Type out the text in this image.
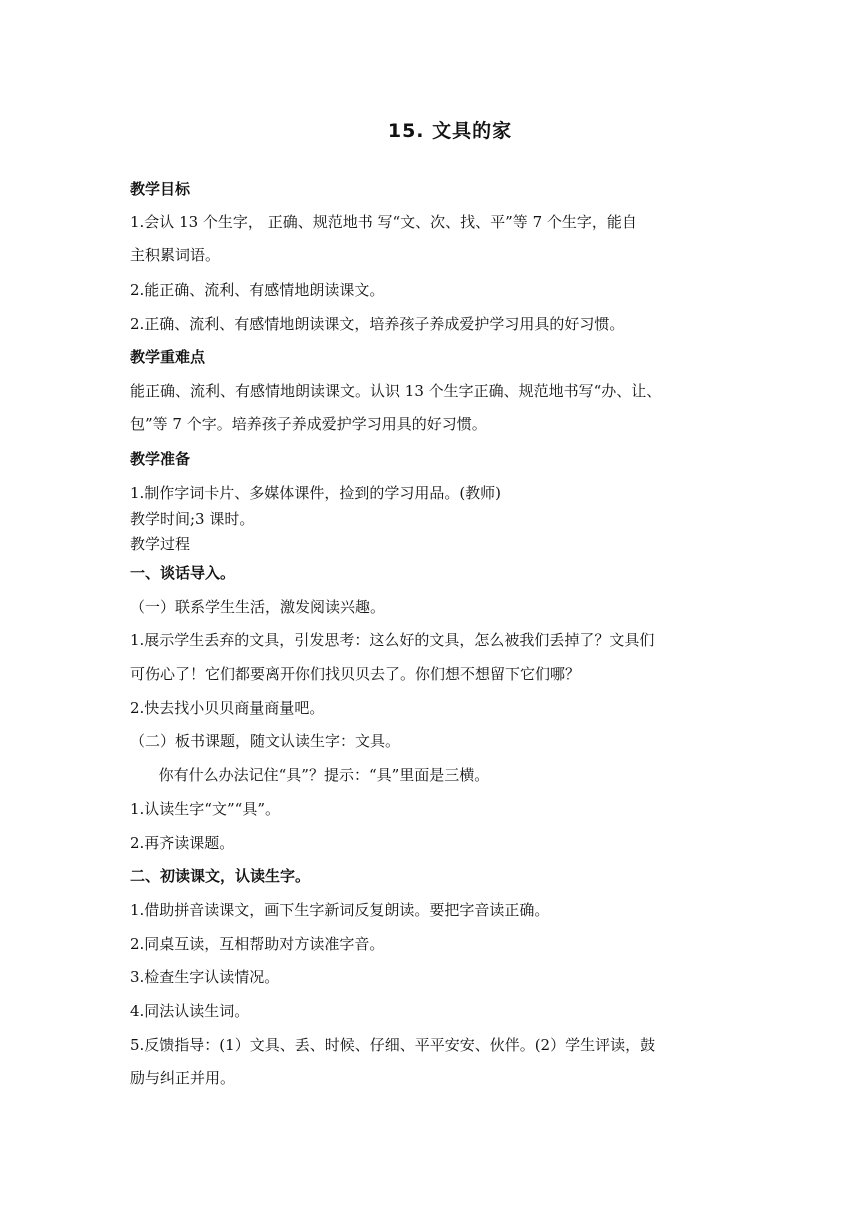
15. 文具的家
教学目标
1.会认 13 个生字， 正确、规范地书 写“文、次、找、平”等 7 个生字，能自
主积累词语。
2.能正确、流利、有感情地朗读课文。
2.正确、流利、有感情地朗读课文，培养孩子养成爱护学习用具的好习惯。
教学重难点
能正确、流利、有感情地朗读课文。认识 13 个生字正确、规范地书写“办、让、
包”等 7 个字。培养孩子养成爱护学习用具的好习惯。
教学准备
1.制作字词卡片、多媒体课件，捡到的学习用品。(教师)
教学时间;3 课时。
教学过程
一、谈话导入。
（一）联系学生生活，激发阅读兴趣。
1.展示学生丢弃的文具，引发思考：这么好的文具，怎么被我们丢掉了？文具们
可伤心了！它们都要离开你们找贝贝去了。你们想不想留下它们哪？
2.快去找小贝贝商量商量吧。
（二）板书课题，随文认读生字：文具。
你有什么办法记住“具”？提示：“具”里面是三横。
1.认读生字“文”“具”。
2.再齐读课题。
二、初读课文，认读生字。
1.借助拼音读课文，画下生字新词反复朗读。要把字音读正确。
2.同桌互读，互相帮助对方读准字音。
3.检查生字认读情况。
4.同法认读生词。
5.反馈指导：(1）文具、丢、时候、仔细、平平安安、伙伴。(2）学生评读，鼓
励与纠正并用。
